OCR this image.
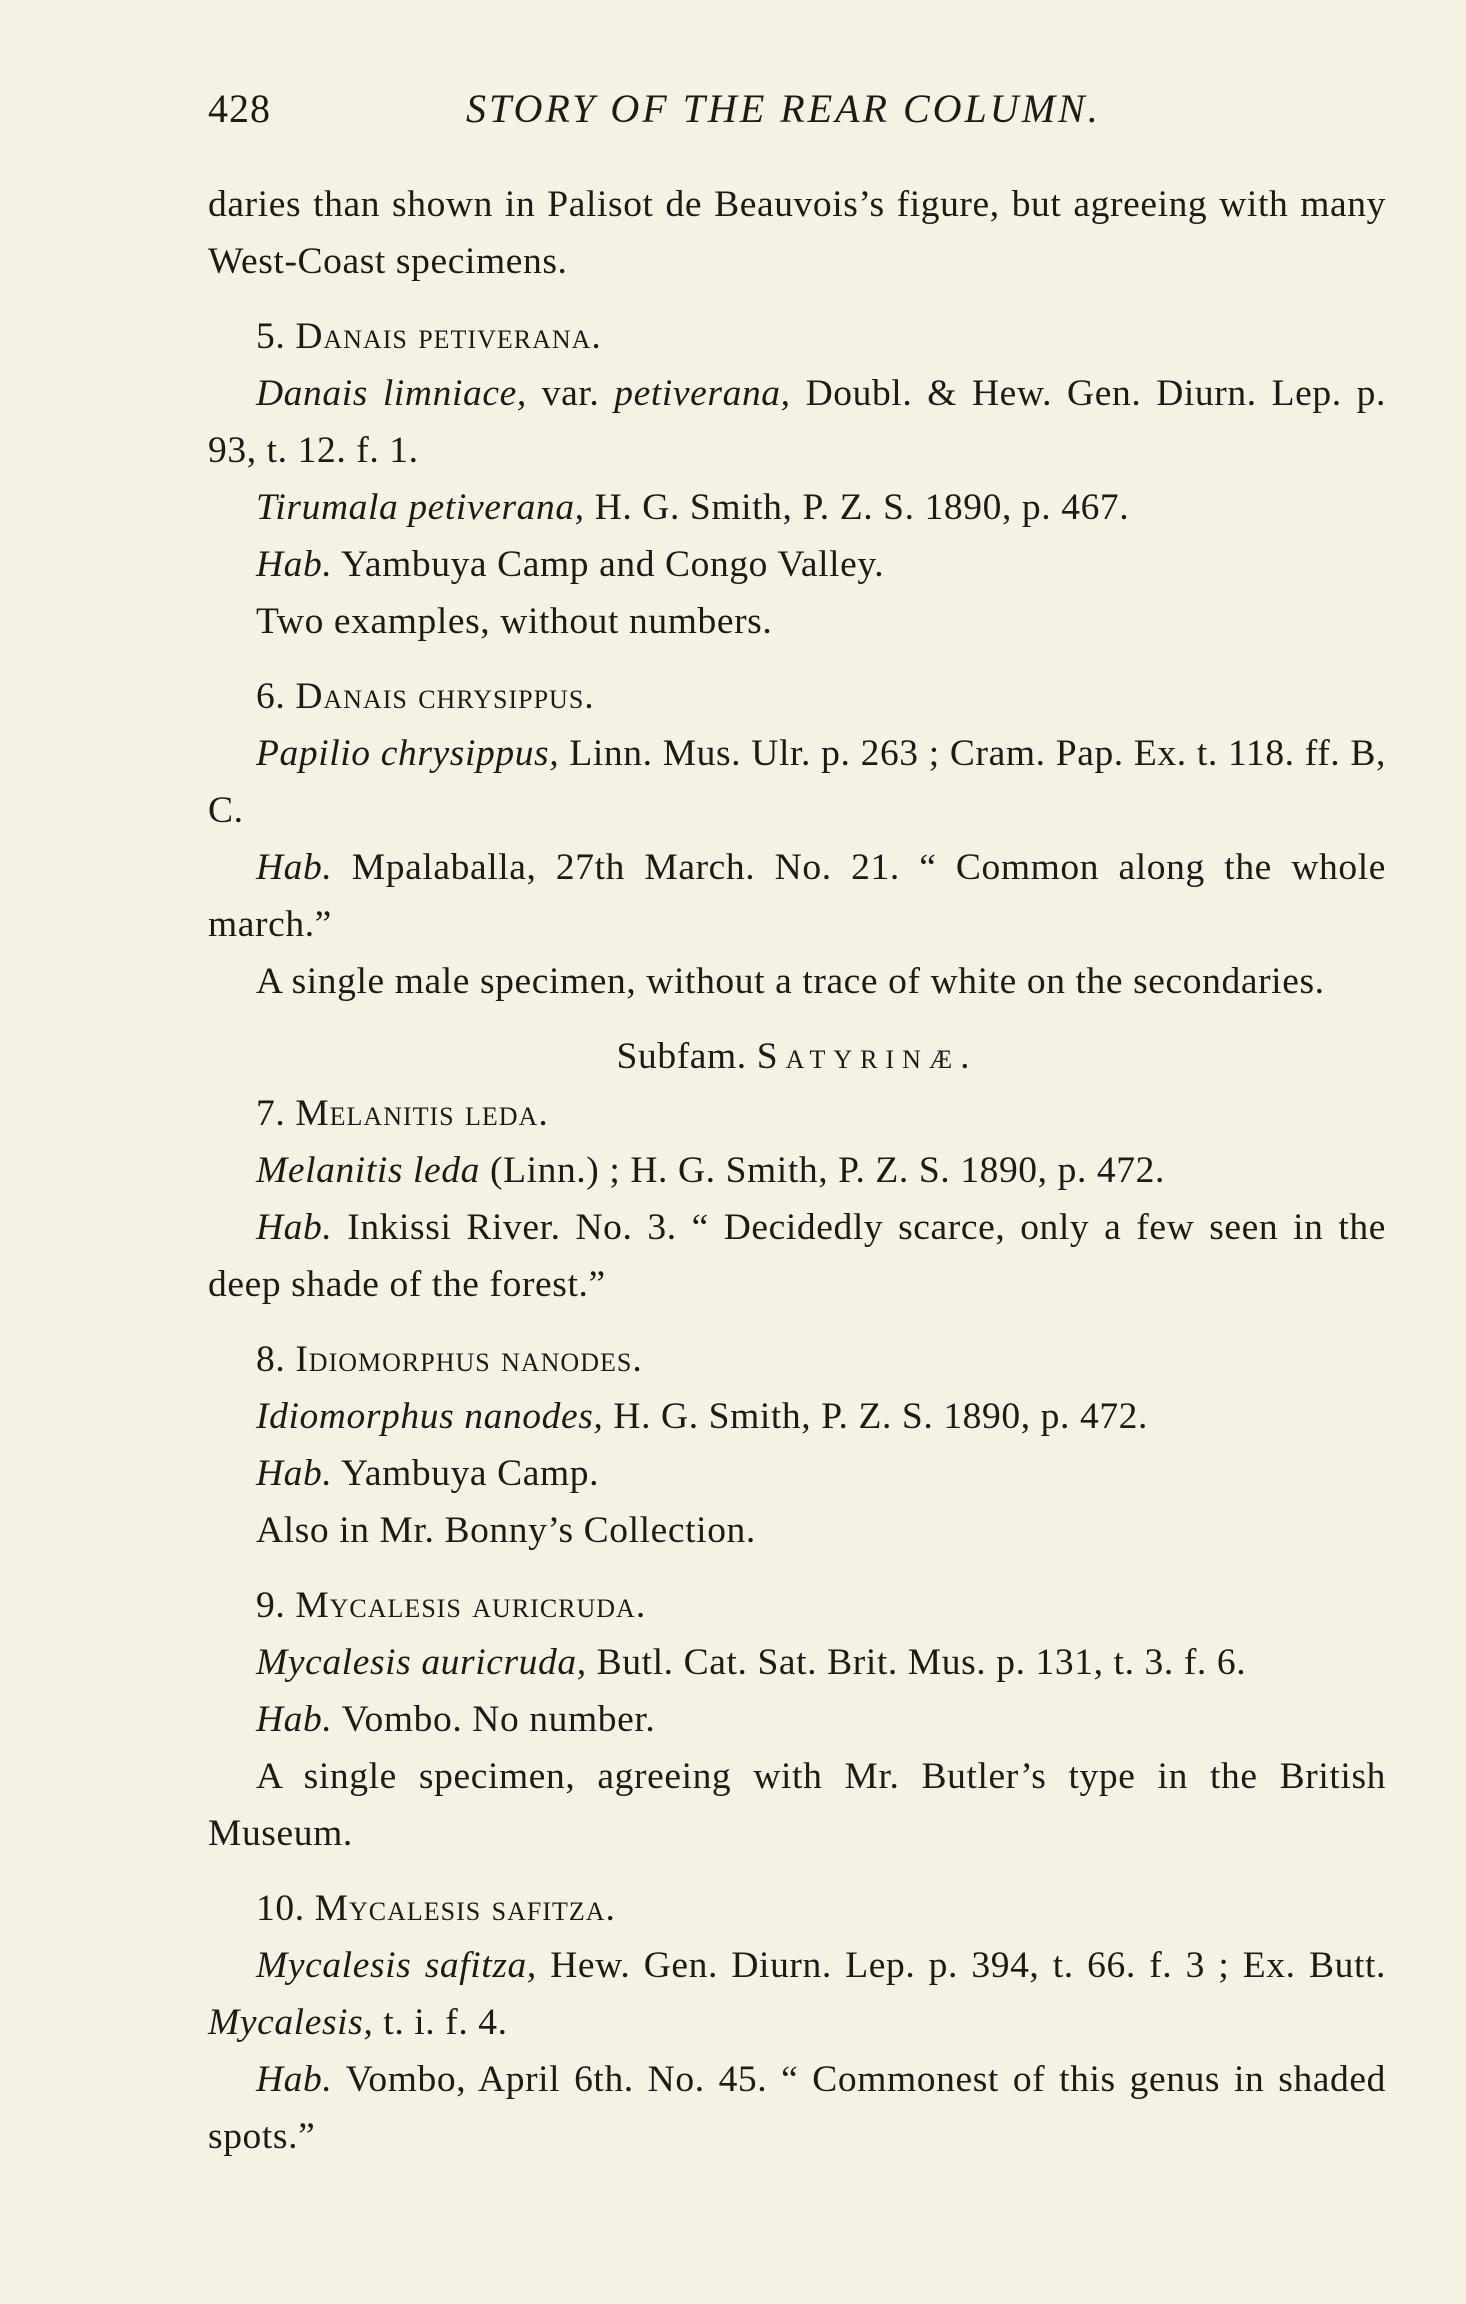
428	STORY OF THE REAR COLUMN.

daries than shown in Palisot de Beauvois’s figure, but agreeing with many West-Coast specimens.

5. Danais petiverana.

Danais limniace, var. petiverana, Doubl. & Hew. Gen. Diurn. Lep. p. 93, t. 12. f. 1.

Tirumala petiverana, H. G. Smith, P. Z. S. 1890, p. 467.

Hab. Yambuya Camp and Congo Valley.

Two examples, without numbers.

6. Danais chrysippus.

Papilio chrysippus, Linn. Mus. Ulr. p. 263 ; Cram. Pap. Ex. t. 118. ff. B, C.

Hab. Mpalaballa, 27th March. No. 21. “ Common along the whole march.”

A single male specimen, without a trace of white on the secondaries.

Subfam. Satyrinæ.

7. Melanitis leda.

Melanitis leda (Linn.) ; H. G. Smith, P. Z. S. 1890, p. 472.

Hab. Inkissi River. No. 3. “ Decidedly scarce, only a few seen in the deep shade of the forest.”

8. Idiomorphus nanodes.

Idiomorphus nanodes, H. G. Smith, P. Z. S. 1890, p. 472.

Hab. Yambuya Camp.

Also in Mr. Bonny’s Collection.

9. Mycalesis auricruda.

Mycalesis auricruda, Butl. Cat. Sat. Brit. Mus. p. 131, t. 3. f. 6.

Hab. Vombo. No number.

A single specimen, agreeing with Mr. Butler’s type in the British Museum.

10. Mycalesis safitza.

Mycalesis safitza, Hew. Gen. Diurn. Lep. p. 394, t. 66. f. 3 ; Ex. Butt. Mycalesis, t. i. f. 4.

Hab. Vombo, April 6th. No. 45. “ Commonest of this genus in shaded spots.”
